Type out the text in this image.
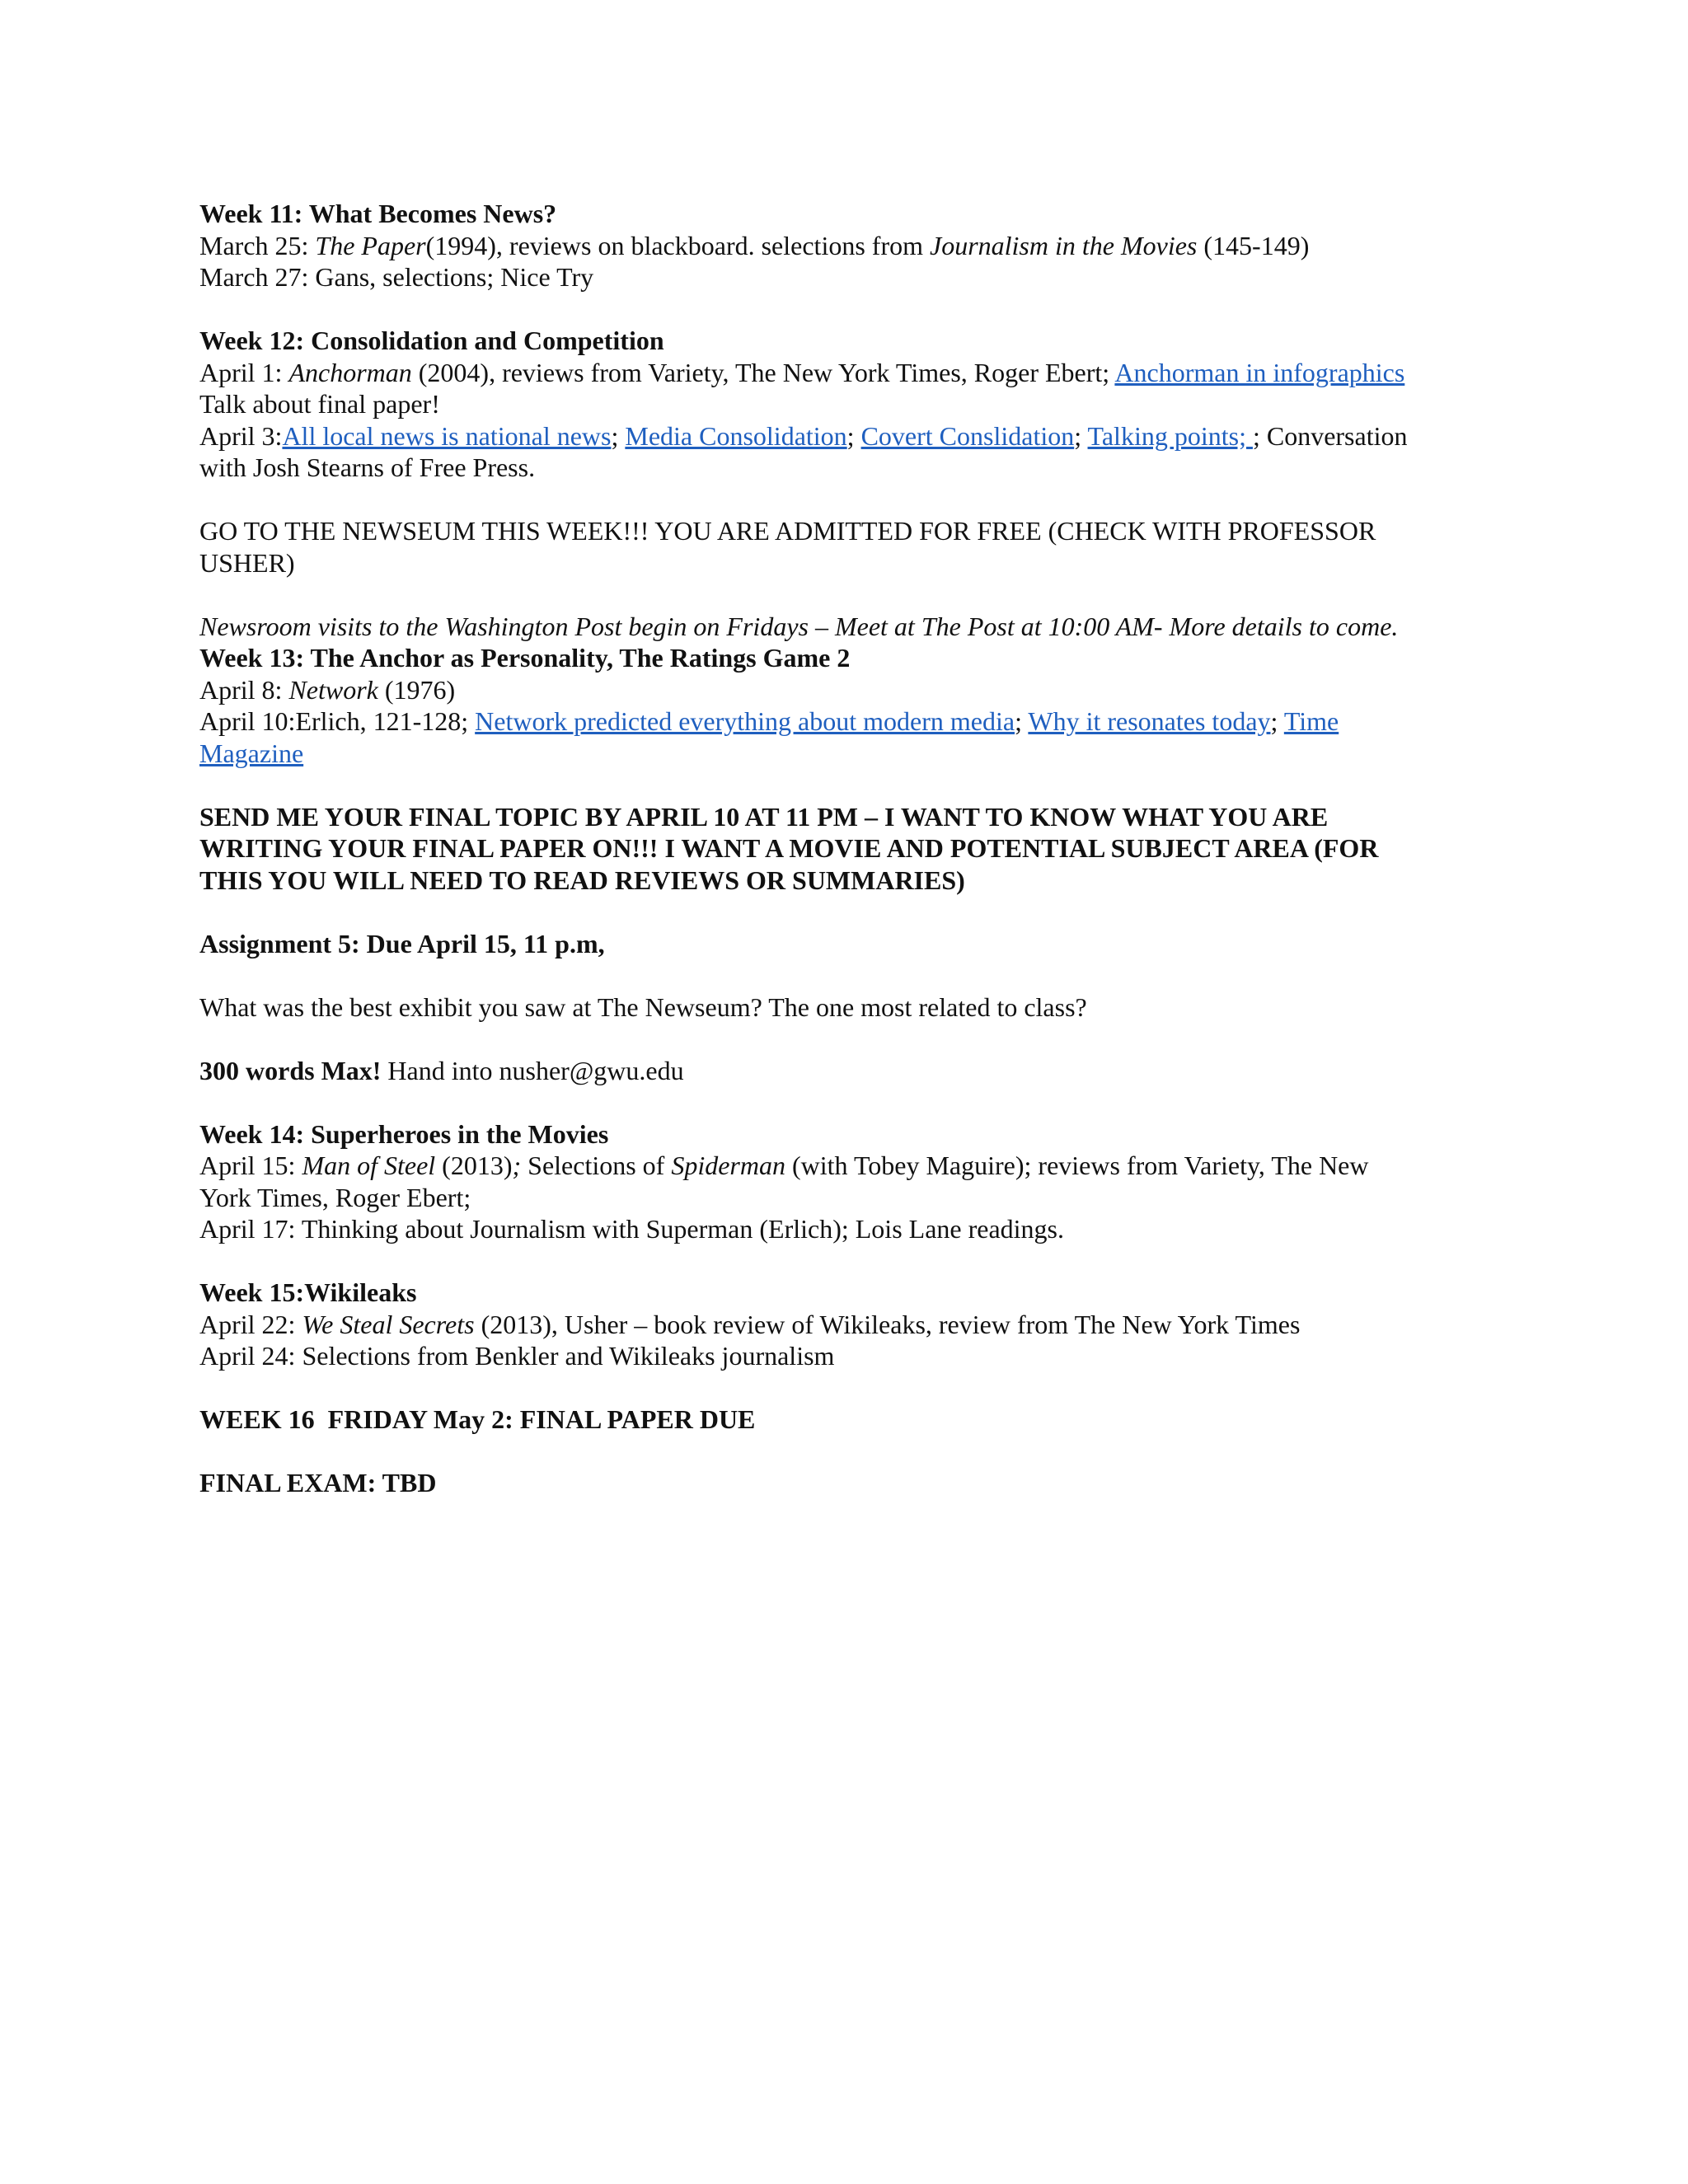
Week 11: What Becomes News?
March 25: The Paper(1994), reviews on blackboard. selections from Journalism in the Movies (145-149)
March 27: Gans, selections; Nice Try
Week 12: Consolidation and Competition
April 1: Anchorman (2004), reviews from Variety, The New York Times, Roger Ebert; Anchorman in infographics
Talk about final paper!
April 3:All local news is national news; Media Consolidation; Covert Conslidation; Talking points; ; Conversation
with Josh Stearns of Free Press.
GO TO THE NEWSEUM THIS WEEK!!! YOU ARE ADMITTED FOR FREE (CHECK WITH PROFESSOR
USHER)
Newsroom visits to the Washington Post begin on Fridays – Meet at The Post at 10:00 AM- More details to come.
Week 13: The Anchor as Personality, The Ratings Game 2
April 8: Network (1976)
April 10:Erlich, 121-128; Network predicted everything about modern media; Why it resonates today; Time
Magazine
SEND ME YOUR FINAL TOPIC BY APRIL 10 AT 11 PM – I WANT TO KNOW WHAT YOU ARE
WRITING YOUR FINAL PAPER ON!!! I WANT A MOVIE AND POTENTIAL SUBJECT AREA (FOR
THIS YOU WILL NEED TO READ REVIEWS OR SUMMARIES)
Assignment 5: Due April 15, 11 p.m,
What was the best exhibit you saw at The Newseum? The one most related to class?
300 words Max! Hand into nusher@gwu.edu
Week 14: Superheroes in the Movies
April 15: Man of Steel (2013); Selections of Spiderman (with Tobey Maguire); reviews from Variety, The New
York Times, Roger Ebert;
April 17: Thinking about Journalism with Superman (Erlich); Lois Lane readings.
Week 15:Wikileaks
April 22: We Steal Secrets (2013), Usher – book review of Wikileaks, review from The New York Times
April 24: Selections from Benkler and Wikileaks journalism
WEEK 16  FRIDAY May 2: FINAL PAPER DUE
FINAL EXAM: TBD
